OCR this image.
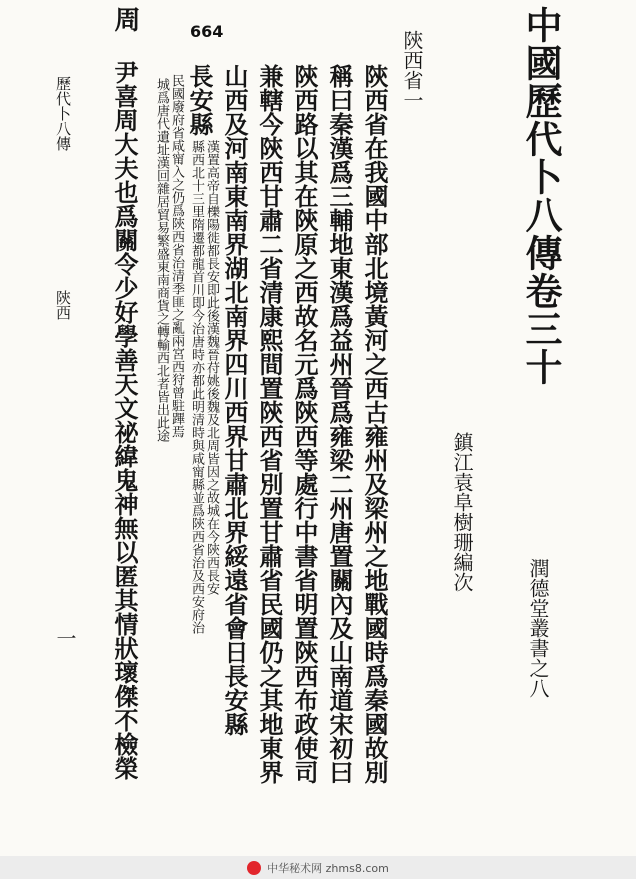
中國歷代卜八傳卷三十
潤德堂叢書之八
鎮江袁阜樹珊編次
664	陝西省一
陝西省在我國中部北境黃河之西古雍州及梁州之地戰國時爲秦國故別
稱曰秦漢爲三輔地東漢爲益州晉爲雍梁二州唐置關內及山南道宋初曰
陝西路以其在陝原之西故名元爲陝西等處行中書省明置陝西布政使司
兼轄今陝西甘肅二省清康熙間置陝西省別置甘肅省民國仍之其地東界
山西及河南東南界湖北南界四川西界甘肅北界綏遠省會日長安縣
長安縣
漢置高帝自櫟陽徙都長安即此後漢魏晉苻姚後魏及北周皆因之故城在今陝西長安
縣西北十三里隋遷都龍首川即今治唐時亦都此明清時與咸甯縣並爲陝西省治及西安府治
民國廢府省咸甯入之仍爲陝西省治清季匪之亂兩宮西狩曾駐蹕焉
城爲唐代遺址漢回雜居貿易繁盛東南商貨之轉輸西北者皆出此途
周
尹喜周大夫也爲關令少好學善天文祕緯鬼神無以匿其情狀瓌傑不檢榮
歷代卜八傳
陝西
一
中华秘术网 zhms8.com
